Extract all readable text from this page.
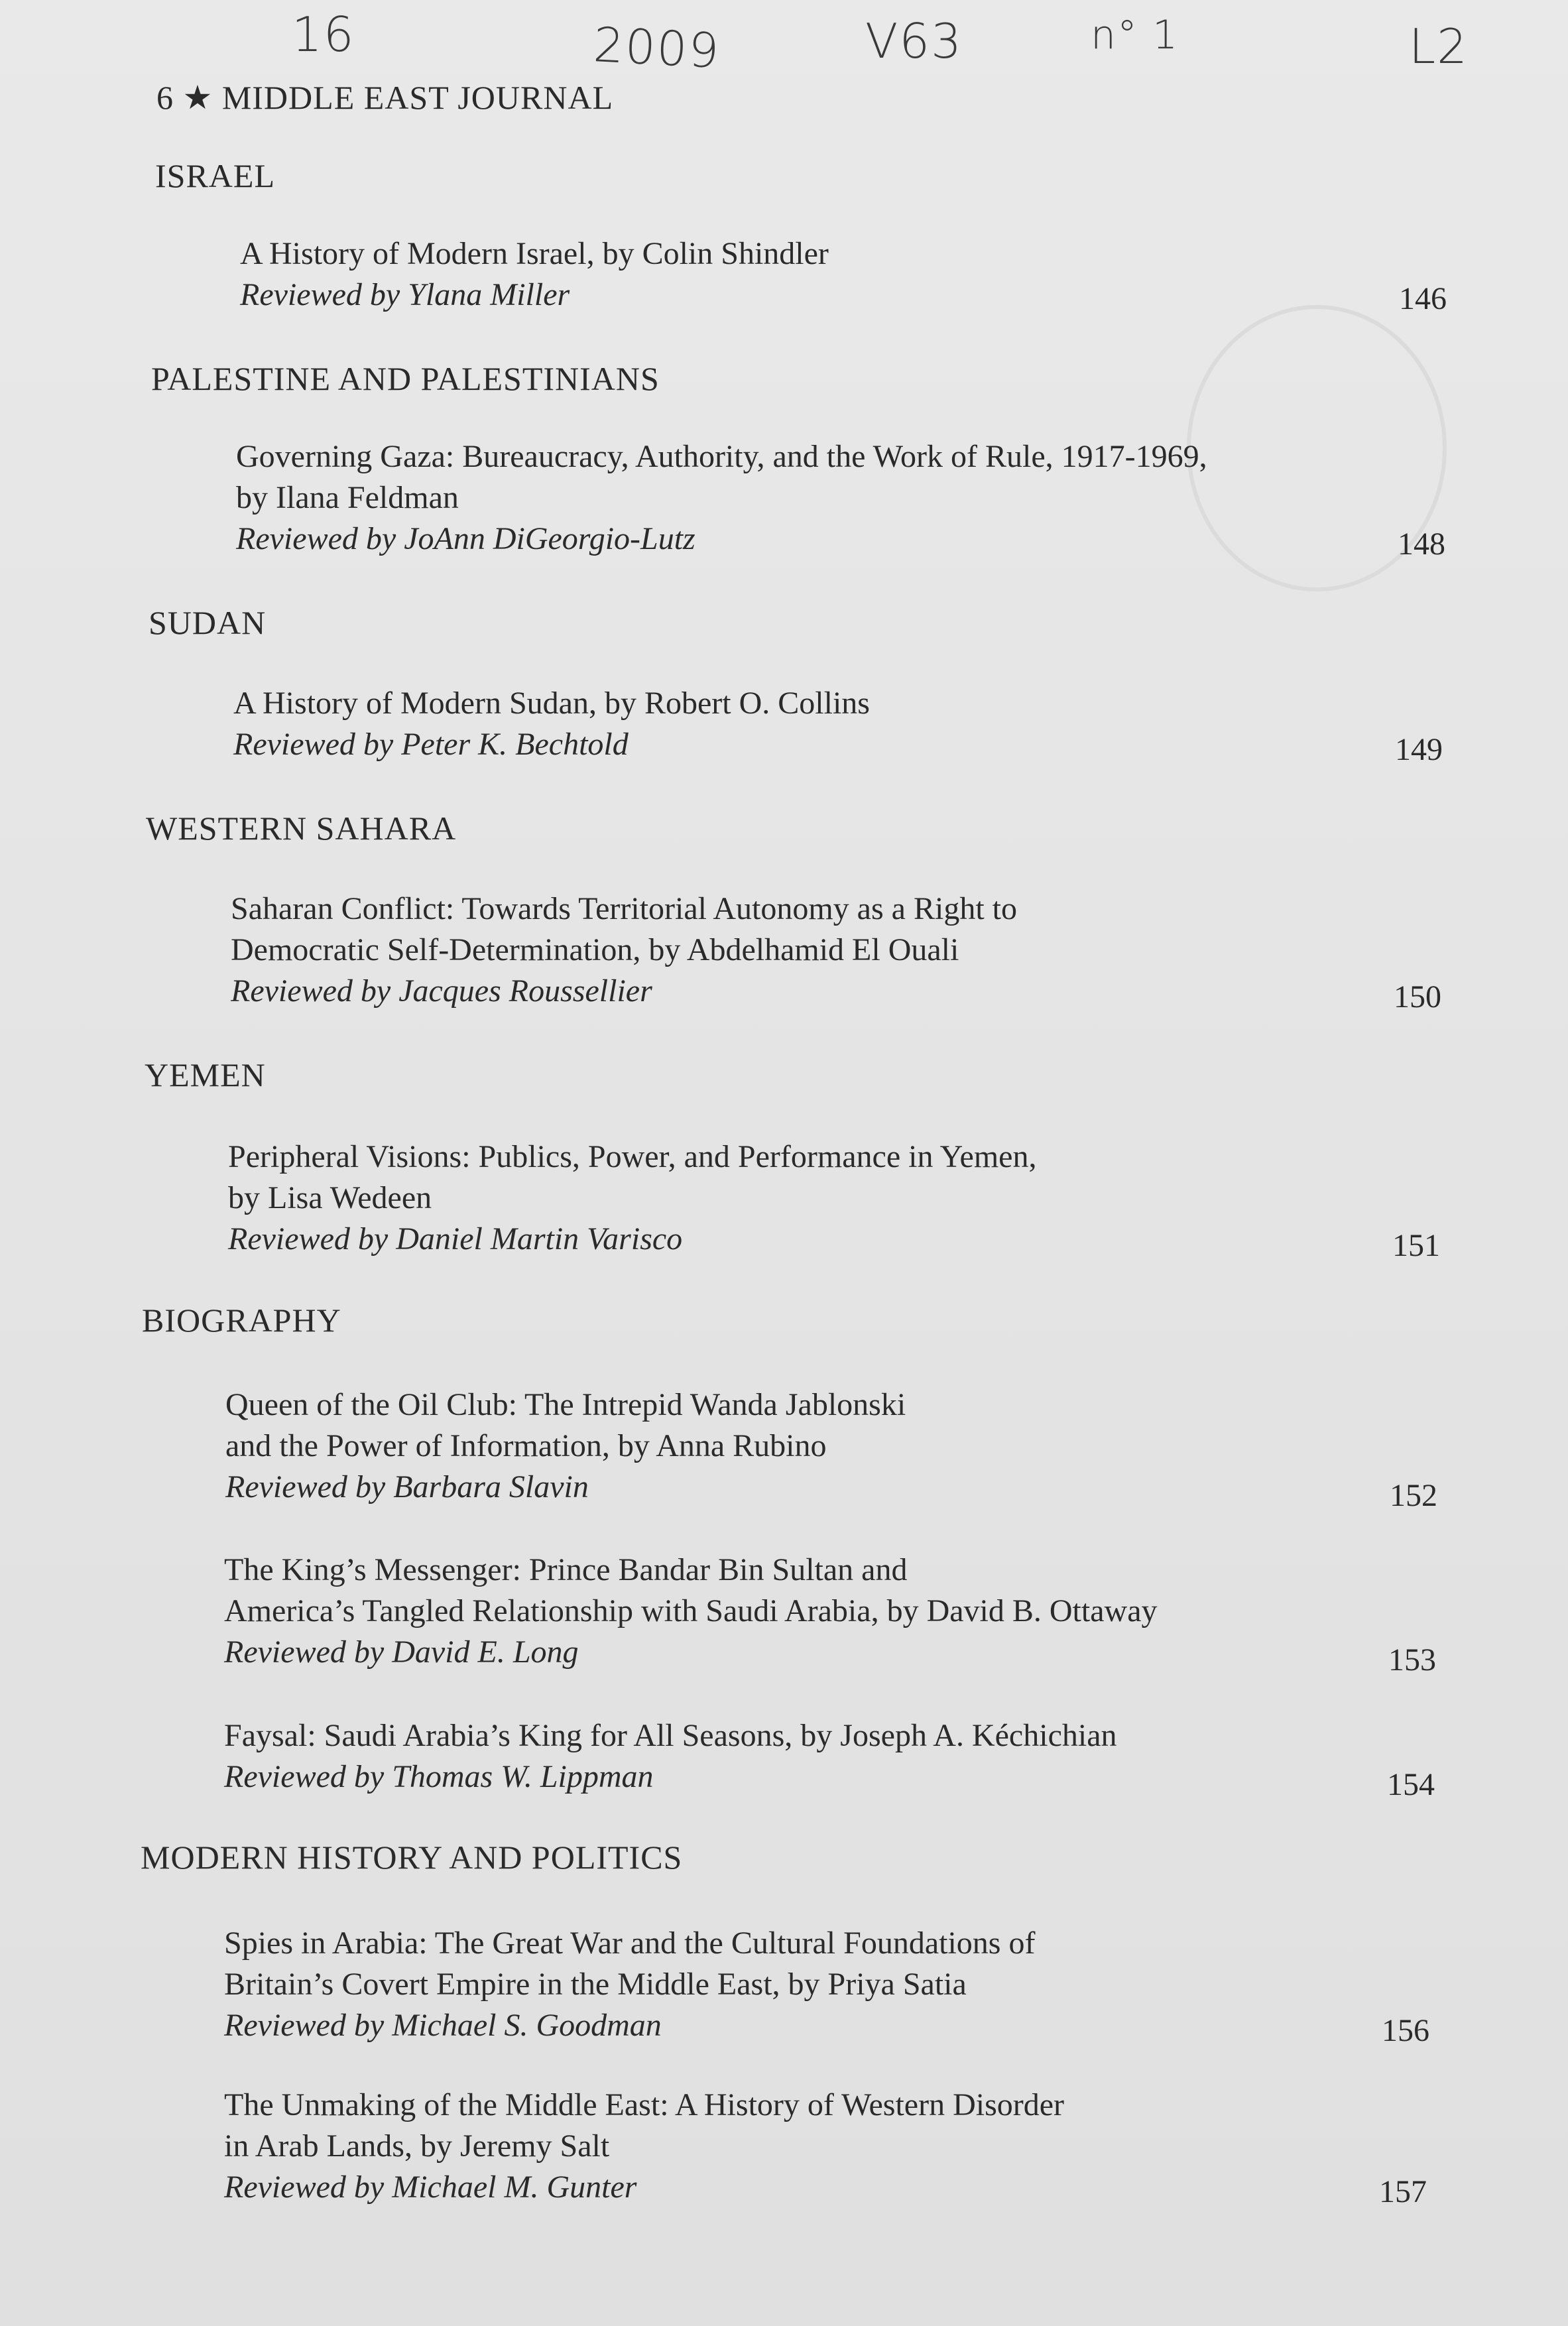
16	2009	V63	n° 1	L2
6 ★ MIDDLE EAST JOURNAL
ISRAEL
A History of Modern Israel, by Colin Shindler
Reviewed by Ylana Miller	146
PALESTINE AND PALESTINIANS
Governing Gaza: Bureaucracy, Authority, and the Work of Rule, 1917-1969,
by Ilana Feldman
Reviewed by JoAnn DiGeorgio-Lutz	148
SUDAN
A History of Modern Sudan, by Robert O. Collins
Reviewed by Peter K. Bechtold	149
WESTERN SAHARA
Saharan Conflict: Towards Territorial Autonomy as a Right to
Democratic Self-Determination, by Abdelhamid El Ouali
Reviewed by Jacques Roussellier	150
YEMEN
Peripheral Visions: Publics, Power, and Performance in Yemen,
by Lisa Wedeen
Reviewed by Daniel Martin Varisco	151
BIOGRAPHY
Queen of the Oil Club: The Intrepid Wanda Jablonski
and the Power of Information, by Anna Rubino
Reviewed by Barbara Slavin	152
The King’s Messenger: Prince Bandar Bin Sultan and
America’s Tangled Relationship with Saudi Arabia, by David B. Ottaway
Reviewed by David E. Long	153
Faysal: Saudi Arabia’s King for All Seasons, by Joseph A. Kéchichian
Reviewed by Thomas W. Lippman	154
MODERN HISTORY AND POLITICS
Spies in Arabia: The Great War and the Cultural Foundations of
Britain’s Covert Empire in the Middle East, by Priya Satia
Reviewed by Michael S. Goodman	156
The Unmaking of the Middle East: A History of Western Disorder
in Arab Lands, by Jeremy Salt
Reviewed by Michael M. Gunter	157
